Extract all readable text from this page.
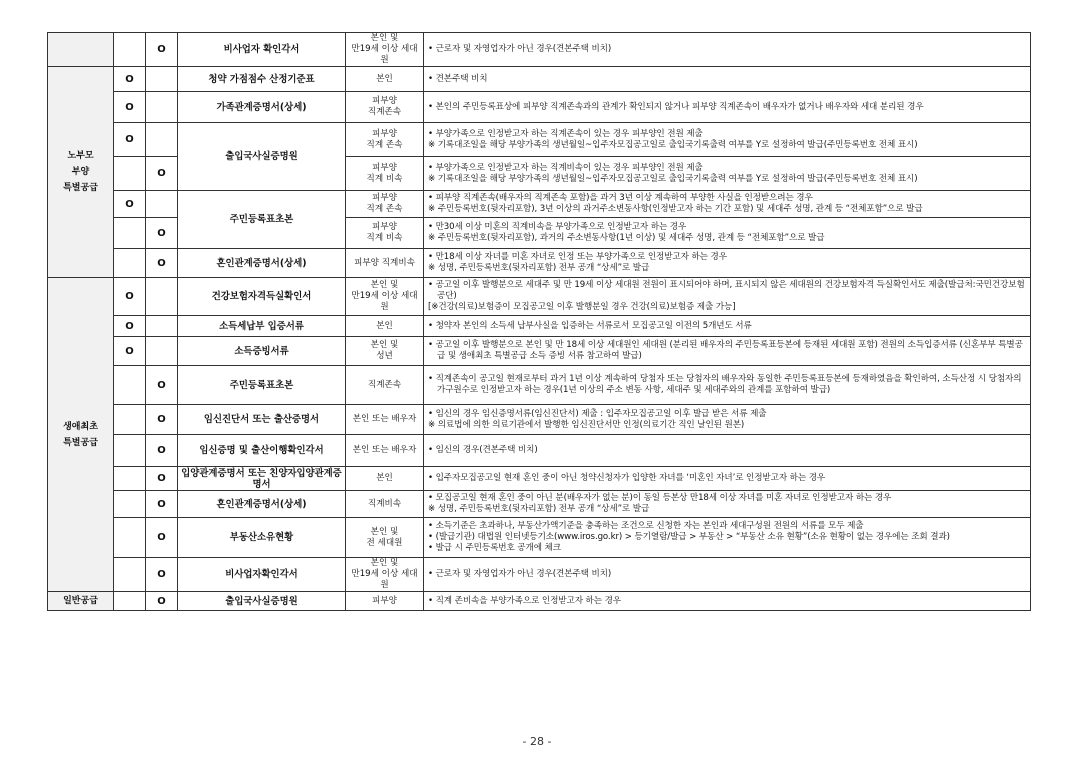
		O	비사업자 확인각서	본인 및
만19세 이상 세대원	• 근로자 및 자영업자가 아닌 경우(견본주택 비치)

노부모
부양
특별공급	O		청약 가점점수 산정기준표	본인	• 견본주택 비치

	O		가족관계증명서(상세)	피부양
직계존속	• 본인의 주민등록표상에 피부양 직계존속과의 관계가 확인되지 않거나 피부양 직계존속이 배우자가 없거나 배우자와 세대 분리된 경우

	O		출입국사실증명원	피부양
직계 존속	• 부양가족으로 인정받고자 하는 직계존속이 있는 경우 피부양인 전원 제출
※ 기록대조일을 해당 부양가족의 생년월일~입주자모집공고일로 출입국기록출력 여부를 Y로 설정하여 발급(주민등록번호 전체 표시)

		O		피부양
직계 비속	• 부양가족으로 인정받고자 하는 직계비속이 있는 경우 피부양인 전원 제출
※ 기록대조일을 해당 부양가족의 생년월일~입주자모집공고일로 출입국기록출력 여부를 Y로 설정하여 발급(주민등록번호 전체 표시)

	O		주민등록표초본	피부양
직계 존속	• 피부양 직계존속(배우자의 직계존속 포함)을 과거 3년 이상 계속하여 부양한 사실을 인정받으려는 경우
※ 주민등록번호(뒷자리포함), 3년 이상의 과거주소변동사항(인정받고자 하는 기간 포함) 및 세대주 성명, 관계 등 “전체포함”으로 발급

		O		피부양
직계 비속	• 만30세 이상 미혼의 직계비속을 부양가족으로 인정받고자 하는 경우
※ 주민등록번호(뒷자리포함), 과거의 주소변동사항(1년 이상) 및 세대주 성명, 관계 등 “전체포함”으로 발급

		O	혼인관계증명서(상세)	피부양 직계비속	• 만18세 이상 자녀를 미혼 자녀로 인정 또는 부양가족으로 인정받고자 하는 경우
※ 성명, 주민등록번호(뒷자리포함) 전부 공개 “상세”로 발급

생애최초
특별공급	O		건강보험자격득실확인서	본인 및
만19세 이상 세대원	• 공고일 이후 발행분으로 세대주 및 만 19세 이상 세대원 전원이 표시되어야 하며, 표시되지 않은 세대원의 건강보험자격 득실확인서도 제출(발급처:국민건강보험공단)
[※건강(의료)보험증이 모집공고일 이후 발행분일 경우 건강(의료)보험증 제출 가능]

	O		소득세납부 입증서류	본인	• 청약자 본인의 소득세 납부사실을 입증하는 서류로서 모집공고일 이전의 5개년도 서류

	O		소득증빙서류	본인 및
성년	• 공고일 이후 발행분으로 본인 및 만 18세 이상 세대원인 세대원 (분리된 배우자의 주민등록표등본에 등재된 세대원 포함) 전원의 소득입증서류 (신혼부부 특별공급 및 생애최초 특별공급 소득 증빙 서류 참고하여 발급)

		O	주민등록표초본	직계존속	• 직계존속이 공고일 현재로부터 과거 1년 이상 계속하여 당첨자 또는 당첨자의 배우자와 동일한 주민등록표등본에 등재하였음을 확인하여, 소득산정 시 당첨자의 가구원수로 인정받고자 하는 경우(1년 이상의 주소 변동 사항, 세대주 및 세대주와의 관계를 포함하여 발급)

		O	임신진단서 또는 출산증명서	본인 또는 배우자	• 임신의 경우 임신증명서류(임신진단서) 제출 : 입주자모집공고일 이후 발급 받은 서류 제출
※ 의료법에 의한 의료기관에서 발행한 임신진단서만 인정(의료기간 직인 날인된 원본)

		O	임신증명 및 출산이행확인각서	본인 또는 배우자	• 임신의 경우(견본주택 비치)

		O	입양관계증명서 또는 친양자입양관계증명서	본인	• 입주자모집공고일 현재 혼인 중이 아닌 청약신청자가 입양한 자녀를 ‘미혼인 자녀’로 인정받고자 하는 경우

		O	혼인관계증명서(상세)	직계비속	• 모집공고일 현재 혼인 중이 아닌 분(배우자가 없는 분)이 동일 등본상 만18세 이상 자녀를 미혼 자녀로 인정받고자 하는 경우
※ 성명, 주민등록번호(뒷자리포함) 전부 공개 “상세”로 발급

		O	부동산소유현황	본인 및
전 세대원	• 소득기준은 초과하나, 부동산가액기준을 충족하는 조건으로 신청한 자는 본인과 세대구성원 전원의 서류를 모두 제출
• (발급기관) 대법원 인터넷등기소(www.iros.go.kr) > 등기열람/발급 > 부동산 > “부동산 소유 현황”(소유 현황이 없는 경우에는 조회 결과)
• 발급 시 주민등록번호 공개에 체크

		O	비사업자확인각서	본인 및
만19세 이상 세대원	• 근로자 및 자영업자가 아닌 경우(견본주택 비치)

일반공급		O	출입국사실증명원	피부양	• 직계 존비속을 부양가족으로 인정받고자 하는 경우
- 28 -
